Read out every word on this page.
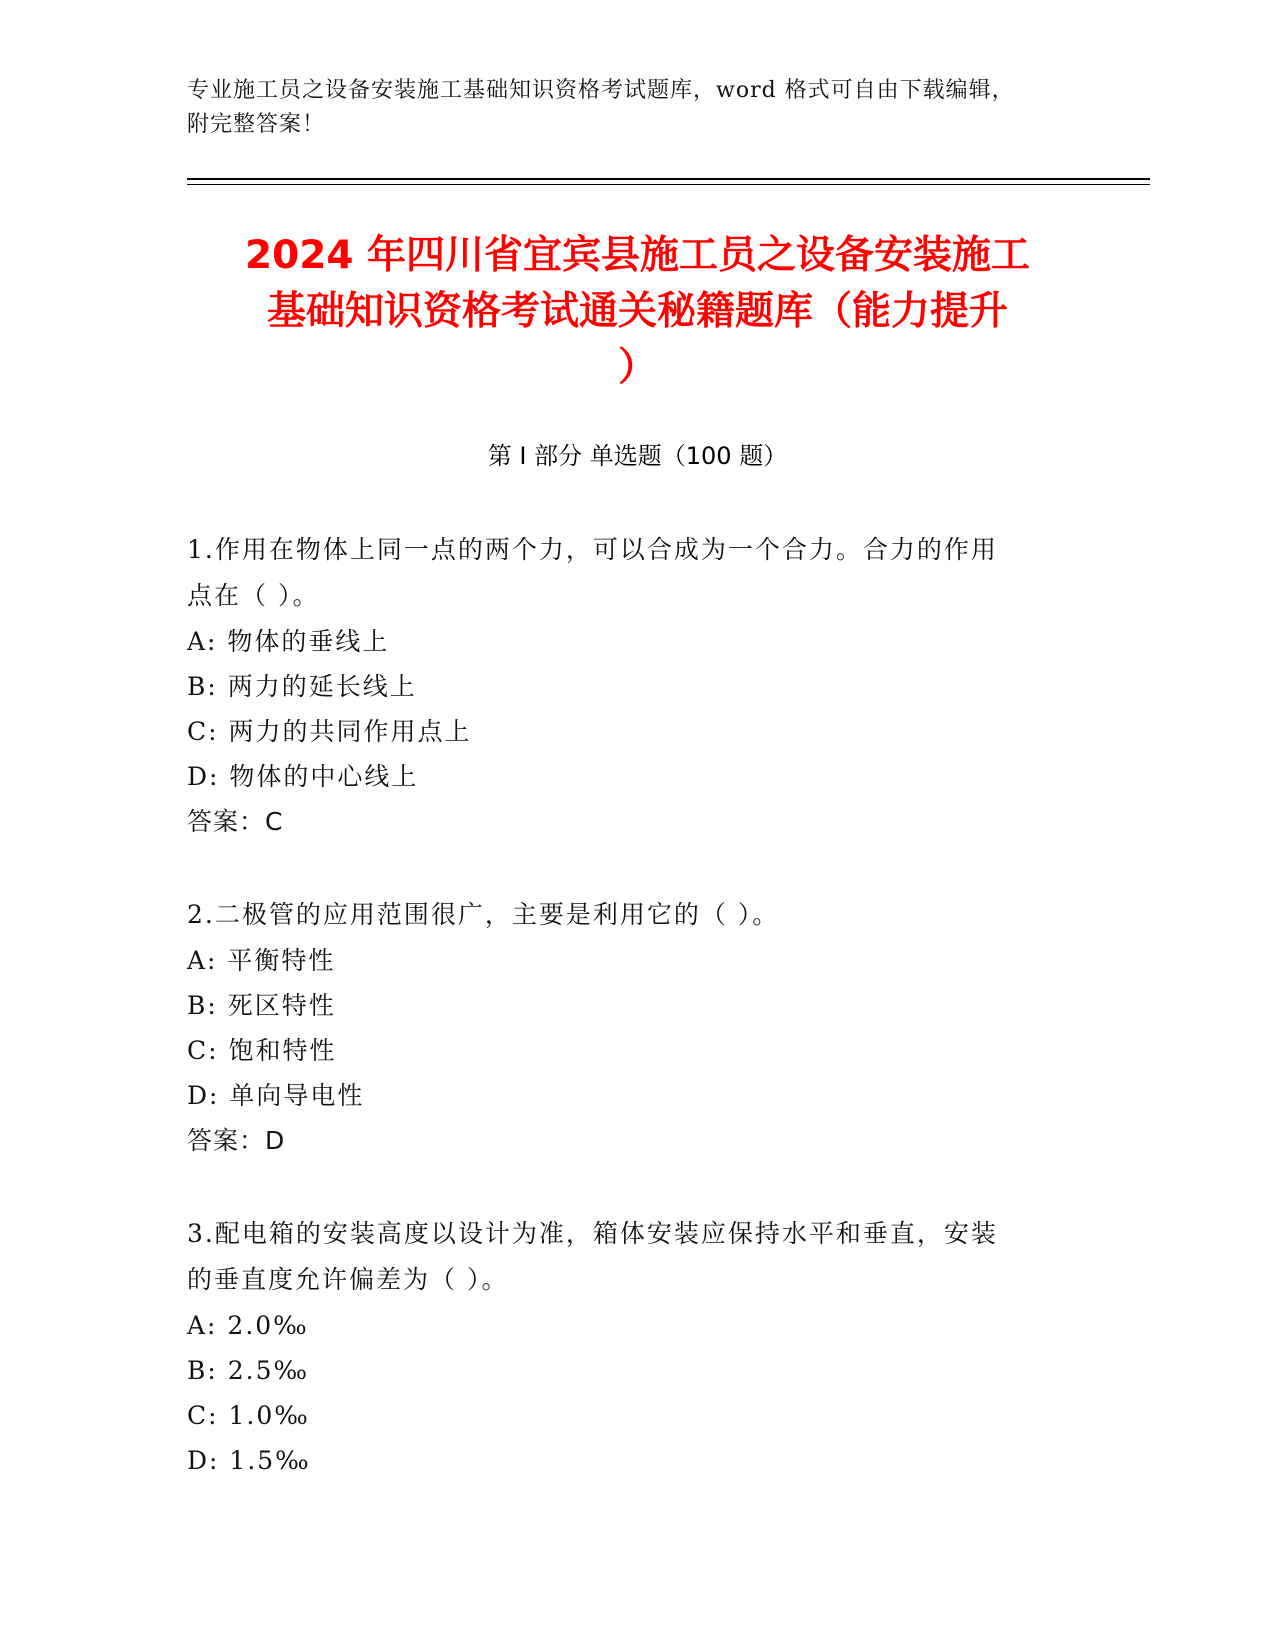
专业施工员之设备安装施工基础知识资格考试题库，word 格式可自由下载编辑，
附完整答案！
2024 年四川省宜宾县施工员之设备安装施工
基础知识资格考试通关秘籍题库（能力提升
）
第 I 部分 单选题（100 题）

1.作用在物体上同一点的两个力，可以合成为一个合力。合力的作用
点在（ ）。

A: 物体的垂线上

B: 两力的延长线上

C: 两力的共同作用点上

D: 物体的中心线上

答案：C

2.二极管的应用范围很广，主要是利用它的（ ）。

A: 平衡特性

B: 死区特性

C: 饱和特性

D: 单向导电性

答案：D

3.配电箱的安装高度以设计为准，箱体安装应保持水平和垂直，安装
的垂直度允许偏差为（ ）。

A: 2.0‰

B: 2.5‰

C: 1.0‰

D: 1.5‰
